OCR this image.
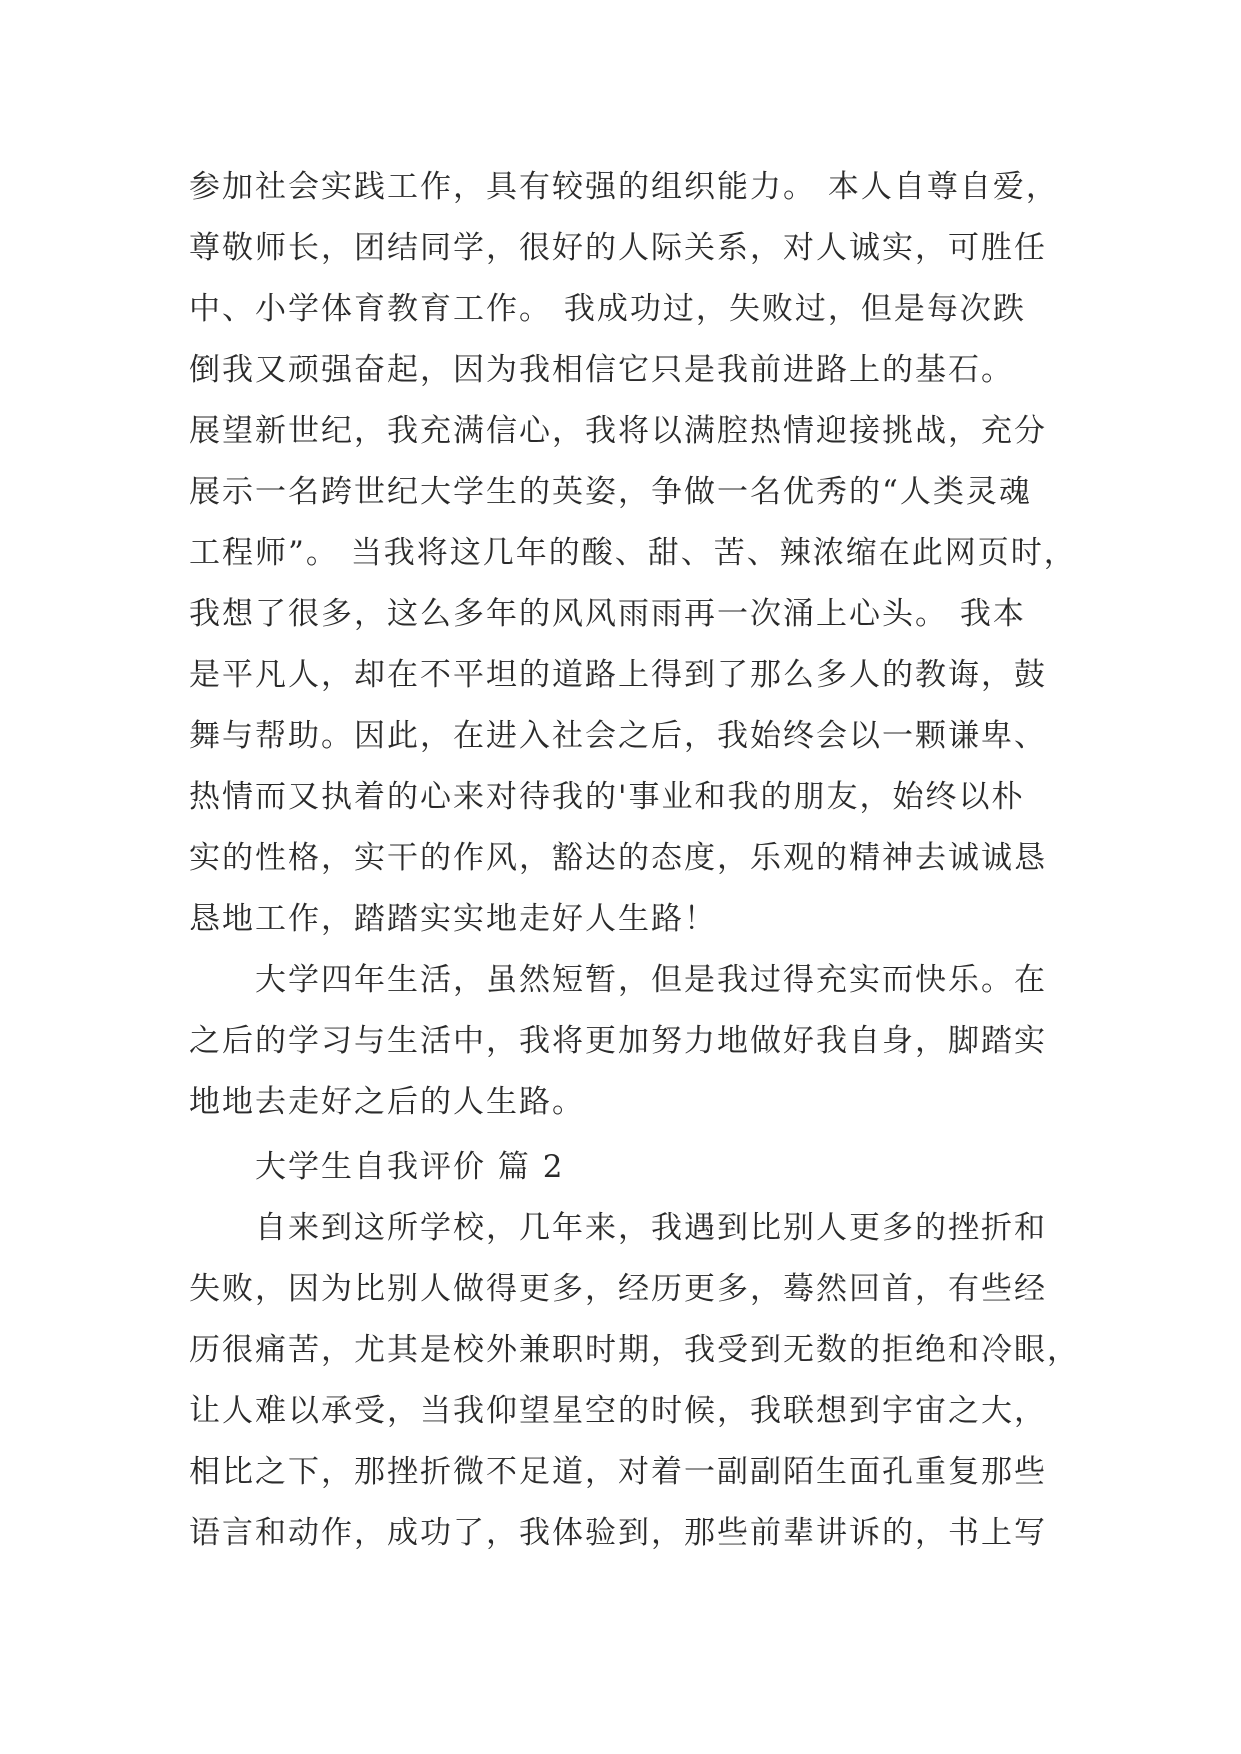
参加社会实践工作，具有较强的组织能力。 本人自尊自爱，
尊敬师长，团结同学，很好的人际关系，对人诚实，可胜任
中、小学体育教育工作。 我成功过，失败过，但是每次跌
倒我又顽强奋起，因为我相信它只是我前进路上的基石。
展望新世纪，我充满信心，我将以满腔热情迎接挑战，充分
展示一名跨世纪大学生的英姿，争做一名优秀的“人类灵魂
工程师”。 当我将这几年的酸、甜、苦、辣浓缩在此网页时，
我想了很多，这么多年的风风雨雨再一次涌上心头。 我本
是平凡人，却在不平坦的道路上得到了那么多人的教诲，鼓
舞与帮助。因此，在进入社会之后，我始终会以一颗谦卑、
热情而又执着的心来对待我的'事业和我的朋友，始终以朴
实的性格，实干的作风，豁达的态度，乐观的精神去诚诚恳
恳地工作，踏踏实实地走好人生路！
大学四年生活，虽然短暂，但是我过得充实而快乐。在
之后的学习与生活中，我将更加努力地做好我自身，脚踏实
地地去走好之后的人生路。
大学生自我评价 篇 2
自来到这所学校，几年来，我遇到比别人更多的挫折和
失败，因为比别人做得更多，经历更多，蓦然回首，有些经
历很痛苦，尤其是校外兼职时期，我受到无数的拒绝和冷眼，
让人难以承受，当我仰望星空的时候，我联想到宇宙之大，
相比之下，那挫折微不足道，对着一副副陌生面孔重复那些
语言和动作，成功了，我体验到，那些前辈讲诉的，书上写
